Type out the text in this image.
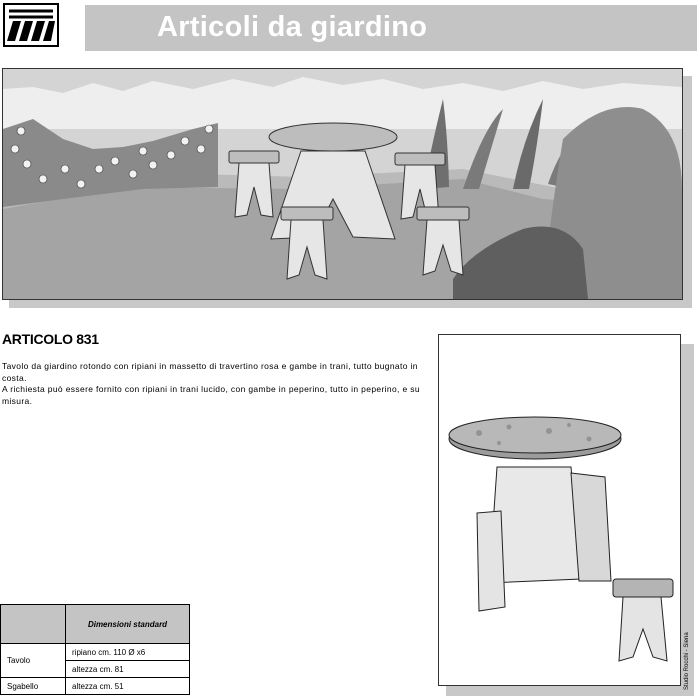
Articoli da giardino
ARTICOLO 831

Tavolo da giardino rotondo con ripiani in massetto di travertino rosa e gambe in trani, tutto bugnato in costa.

A richiesta può essere fornito con ripiani in trani lucido, con gambe in peperino, tutto in peperino, e su misura.

Studio Rocchi - Siena
	Dimensioni standard
Tavolo	ripiano cm. 110 Ø x6
	altezza cm. 81
Sgabello	altezza cm. 51
